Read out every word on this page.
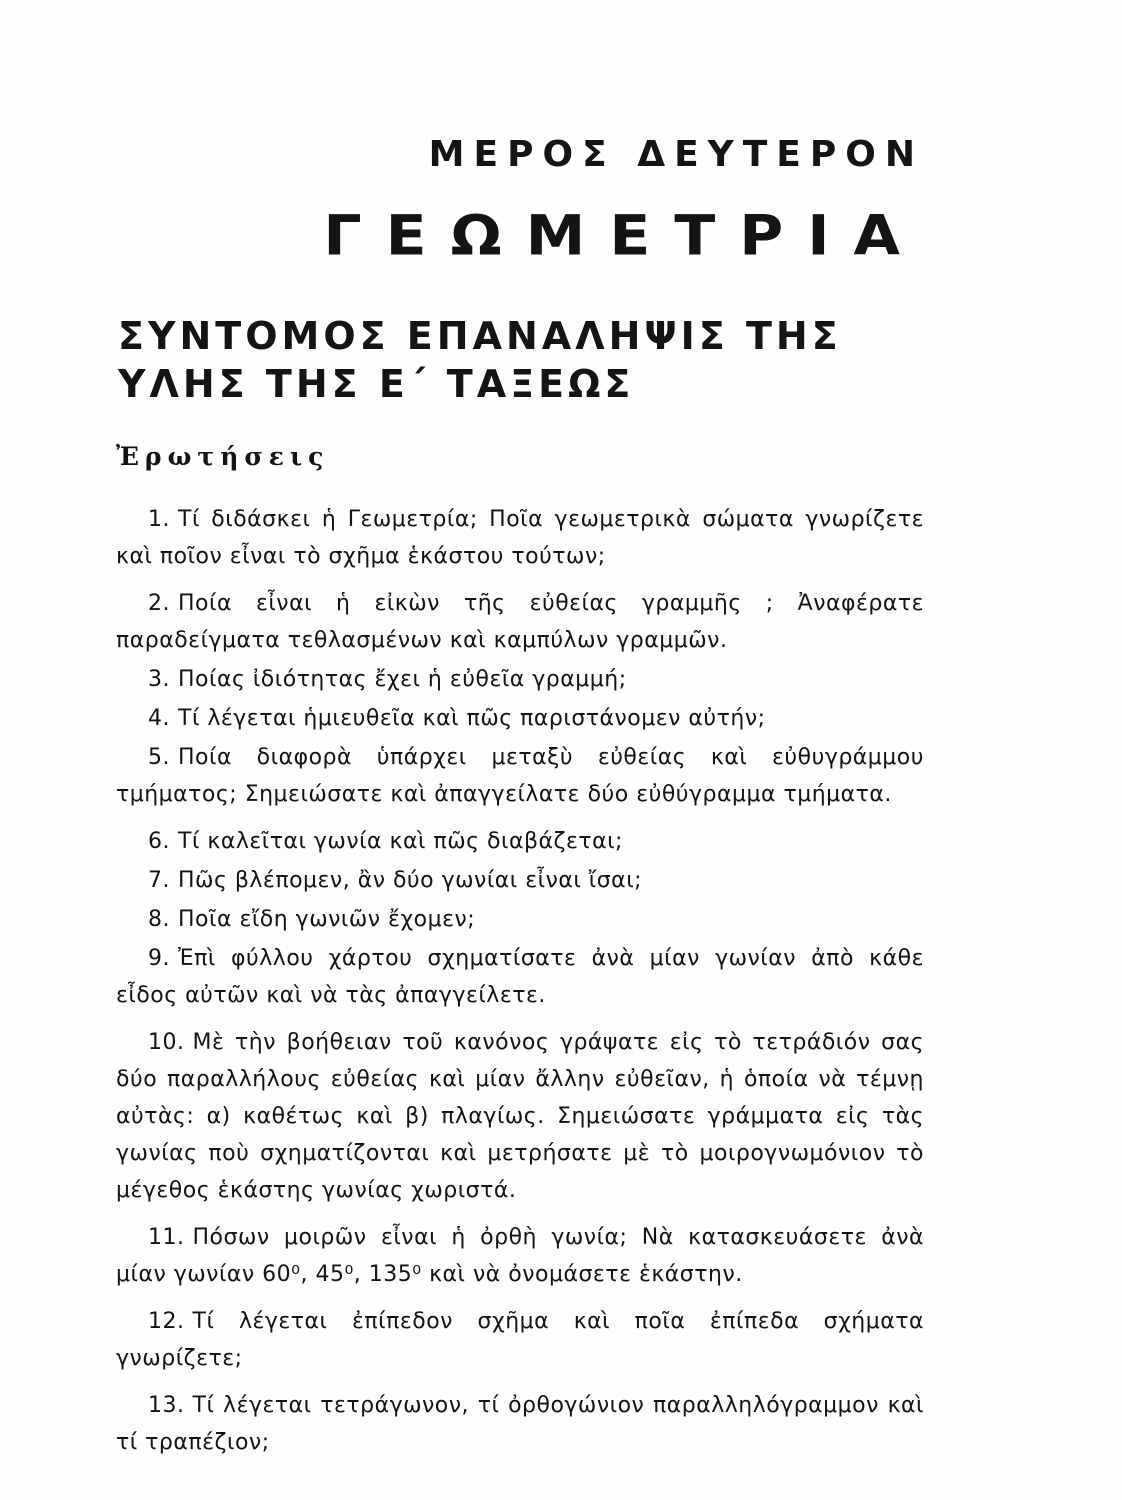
ΜΕΡΟΣ ΔΕΥΤΕΡΟΝ
ΓΕΩΜΕΤΡΙΑ
ΣΥΝΤΟΜΟΣ ΕΠΑΝΑΛΗΨΙΣ ΤΗΣ
ΥΛΗΣ ΤΗΣ Ε΄ ΤΑΞΕΩΣ
Ἐρωτήσεις

1. Τί διδάσκει ἡ Γεωμετρία; Ποῖα γεωμετρικὰ σώματα γνωρίζετε καὶ ποῖον εἶναι τὸ σχῆμα ἑκάστου τούτων;

2. Ποία εἶναι ἡ εἰκὼν τῆς εὐθείας γραμμῆς ; Ἀναφέρατε παραδείγματα τεθλασμένων καὶ καμπύλων γραμμῶν.

3. Ποίας ἰδιότητας ἔχει ἡ εὐθεῖα γραμμή;

4. Τί λέγεται ἡμιευθεῖα καὶ πῶς παριστάνομεν αὐτήν;

5. Ποία διαφορὰ ὑπάρχει μεταξὺ εὐθείας καὶ εὐθυγράμμου τμήματος; Σημειώσατε καὶ ἀπαγγείλατε δύο εὐθύγραμμα τμήματα.

6. Τί καλεῖται γωνία καὶ πῶς διαβάζεται;

7. Πῶς βλέπομεν, ἂν δύο γωνίαι εἶναι ἴσαι;

8. Ποῖα εἴδη γωνιῶν ἔχομεν;

9. Ἐπὶ φύλλου χάρτου σχηματίσατε ἀνὰ μίαν γωνίαν ἀπὸ κάθε εἶδος αὐτῶν καὶ νὰ τὰς ἀπαγγείλετε.

10. Μὲ τὴν βοήθειαν τοῦ κανόνος γράψατε εἰς τὸ τετράδιόν σας δύο παραλλήλους εὐθείας καὶ μίαν ἄλλην εὐθεῖαν, ἡ ὁποία νὰ τέμνῃ αὐτὰς: α) καθέτως καὶ β) πλαγίως. Σημειώσατε γράμματα εἰς τὰς γωνίας ποὺ σχηματίζονται καὶ μετρήσατε μὲ τὸ μοιρογνωμόνιον τὸ μέγεθος ἑκάστης γωνίας χωριστά.

11. Πόσων μοιρῶν εἶναι ἡ ὀρθὴ γωνία; Νὰ κατασκευάσετε ἀνὰ μίαν γωνίαν 60⁰, 45⁰, 135⁰ καὶ νὰ ὀνομάσετε ἑκάστην.

12. Τί λέγεται ἐπίπεδον σχῆμα καὶ ποῖα ἐπίπεδα σχήματα γνωρίζετε;

13. Τί λέγεται τετράγωνον, τί ὀρθογώνιον παραλληλόγραμμον καὶ τί τραπέζιον;
